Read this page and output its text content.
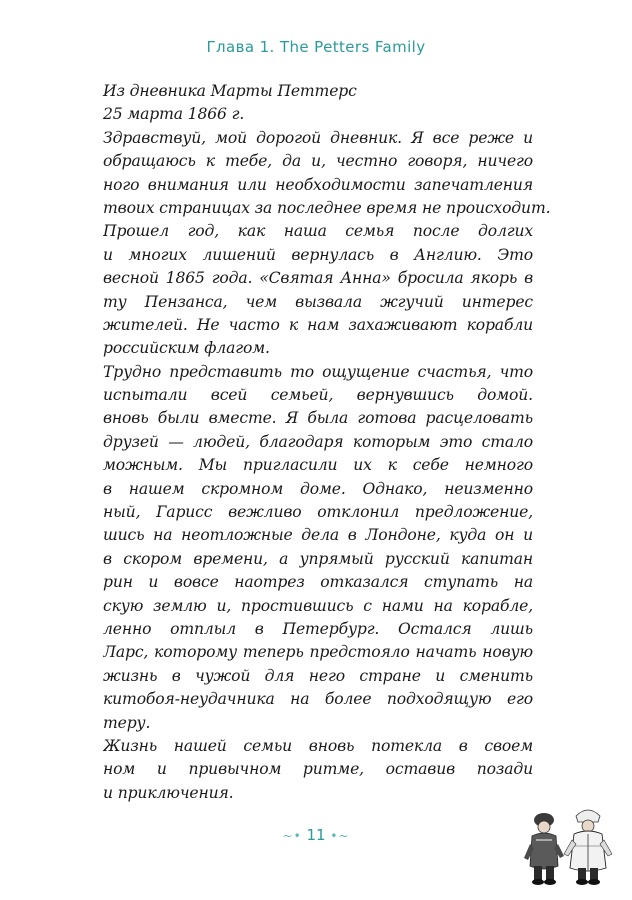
Глава 1. The Petters Family
Из дневника Марты Петтерс
25 марта 1866 г.
Здравствуй, мой дорогой дневник. Я все реже и
обращаюсь к тебе, да и, честно говоря, ничего
ного внимания или необходимости запечатления
твоих страницах за последнее время не происходит.
Прошел год, как наша семья после долгих
и многих лишений вернулась в Англию. Это
весной 1865 года. «Святая Анна» бросила якорь в
ту Пензанса, чем вызвала жгучий интерес
жителей. Не часто к нам захаживают корабли
российским флагом.
Трудно представить то ощущение счастья, что
испытали всей семьей, вернувшись домой.
вновь были вместе. Я была готова расцеловать
друзей — людей, благодаря которым это стало
можным. Мы пригласили их к себе немного
в нашем скромном доме. Однако, неизменно
ный, Гарисс вежливо отклонил предложение,
шись на неотложные дела в Лондоне, куда он и
в скором времени, а упрямый русский капитан
рин и вовсе наотрез отказался ступать на
скую землю и, простившись с нами на корабле,
ленно отплыл в Петербург. Остался лишь
Ларс, которому теперь предстояло начать новую
жизнь в чужой для него стране и сменить
китобоя-неудачника на более подходящую его
теру.
Жизнь нашей семьи вновь потекла в своем
ном и привычном ритме, оставив позади
и приключения.
~• 11 •~
